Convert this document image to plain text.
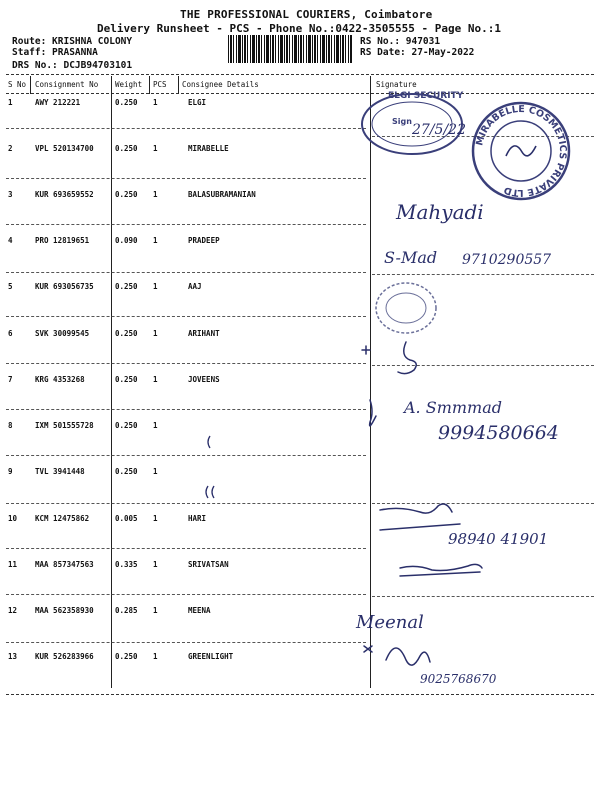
THE PROFESSIONAL COURIERS, Coimbatore
Delivery Runsheet - PCS - Phone No.:0422-3505555 - Page No.:1
Route: KRISHNA COLONY
Staff: PRASANNA
DRS No.: DCJB94703101
RS No.: 947031
RS Date: 27-May-2022
S No Consignment No Weight PCS Consignee Details	Signature
1	AWY 212221	0.250 1	ELGI
2	VPL 520134700	0.250 1	MIRABELLE
3	KUR 693659552	0.250 1	BALASUBRAMANIAN
4	PRO 12819651	0.090 1	PRADEEP
5	KUR 693056735	0.250 1	AAJ
6	SVK 30099545	0.250 1	ARIHANT
7	KRG 4353268	0.250 1	JOVEENS
8	IXM 501555728	0.250 1
9	TVL 3941448	0.250 1
10 KCM 12475862	0.005 1	HARI
11 MAA 857347563	0.335 1	SRIVATSAN
12 MAA 562358930	0.285 1	MEENA
13 KUR 526283966	0.250 1	GREENLIGHT
ELGI SECURITY
Sign
27/5/22
MIRABELLE COSMETICS PRIVATE LTD
Mahyadi
S-Mad 9710290557
A. Smmmad
9994580664
98940 41901
Meenal
9025768670
